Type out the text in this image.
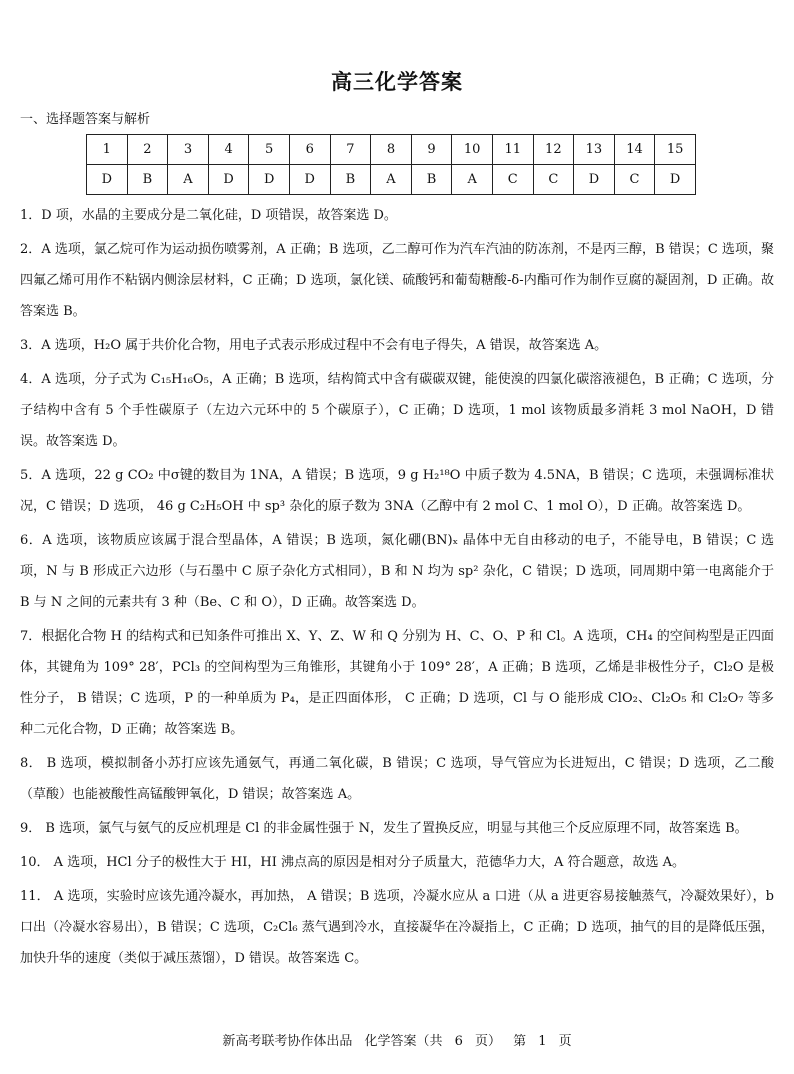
高三化学答案
一、选择题答案与解析
1	2	3	4	5	6	7	8	9	10	11	12	13	14	15
D	B	A	D	D	D	B	A	B	A	C	C	D	C	D

1．D 项，水晶的主要成分是二氧化硅，D 项错误，故答案选 D。

2．A 选项，氯乙烷可作为运动损伤喷雾剂，A 正确；B 选项，乙二醇可作为汽车汽油的防冻剂，不是丙三醇，B 错误；C 选项，聚四氟乙烯可用作不粘锅内侧涂层材料，C 正确；D 选项，氯化镁、硫酸钙和葡萄糖酸-δ-内酯可作为制作豆腐的凝固剂，D 正确。故答案选 B。

3．A 选项，H₂O 属于共价化合物，用电子式表示形成过程中不会有电子得失，A 错误，故答案选 A。

4．A 选项，分子式为 C₁₅H₁₆O₅，A 正确；B 选项，结构简式中含有碳碳双键，能使溴的四氯化碳溶液褪色，B 正确；C 选项，分子结构中含有 5 个手性碳原子（左边六元环中的 5 个碳原子），C 正确；D 选项，1 mol 该物质最多消耗 3 mol NaOH，D 错误。故答案选 D。

5．A 选项，22 g CO₂ 中σ键的数目为 1NA，A 错误；B 选项，9 g H₂¹⁸O 中质子数为 4.5NA，B 错误；C 选项，未强调标准状况，C 错误；D 选项， 46 g C₂H₅OH 中 sp³ 杂化的原子数为 3NA（乙醇中有 2 mol C、1 mol O），D 正确。故答案选 D。

6．A 选项，该物质应该属于混合型晶体，A 错误；B 选项，氮化硼(BN)ₓ 晶体中无自由移动的电子，不能导电，B 错误；C 选项，N 与 B 形成正六边形（与石墨中 C 原子杂化方式相同），B 和 N 均为 sp² 杂化，C 错误；D 选项，同周期中第一电离能介于 B 与 N 之间的元素共有 3 种（Be、C 和 O），D 正确。故答案选 D。

7．根据化合物 H 的结构式和已知条件可推出 X、Y、Z、W 和 Q 分别为 H、C、O、P 和 Cl。A 选项，CH₄ 的空间构型是正四面体，其键角为 109° 28′，PCl₃ 的空间构型为三角锥形，其键角小于 109° 28′，A 正确；B 选项，乙烯是非极性分子，Cl₂O 是极性分子， B 错误；C 选项，P 的一种单质为 P₄，是正四面体形， C 正确；D 选项，Cl 与 O 能形成 ClO₂、Cl₂O₅ 和 Cl₂O₇ 等多种二元化合物，D 正确；故答案选 B。

8． B 选项，模拟制备小苏打应该先通氨气，再通二氧化碳，B 错误；C 选项，导气管应为长进短出，C 错误；D 选项，乙二酸（草酸）也能被酸性高锰酸钾氧化，D 错误；故答案选 A。

9． B 选项，氯气与氨气的反应机理是 Cl 的非金属性强于 N，发生了置换反应，明显与其他三个反应原理不同，故答案选 B。

10． A 选项，HCl 分子的极性大于 HI，HI 沸点高的原因是相对分子质量大，范德华力大，A 符合题意，故选 A。

11． A 选项，实验时应该先通冷凝水，再加热， A 错误；B 选项，冷凝水应从 a 口进（从 a 进更容易接触蒸气，冷凝效果好），b 口出（冷凝水容易出），B 错误；C 选项，C₂Cl₆ 蒸气遇到冷水，直接凝华在冷凝指上，C 正确；D 选项，抽气的目的是降低压强，加快升华的速度（类似于减压蒸馏），D 错误。故答案选 C。

新高考联考协作体出品 化学答案（共 6 页） 第 1 页
